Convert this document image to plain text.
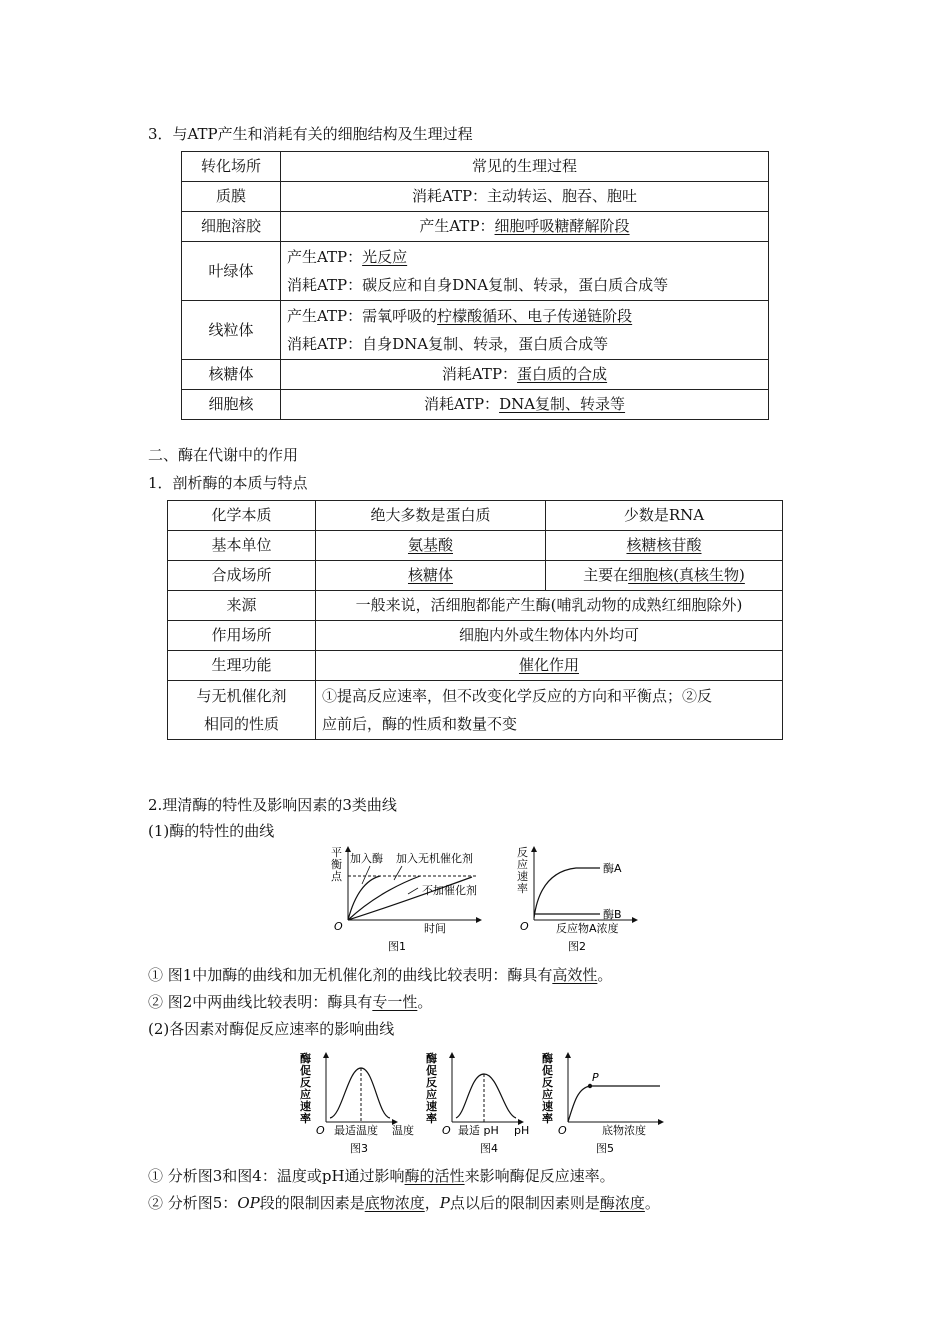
3．与ATP产生和消耗有关的细胞结构及生理过程
转化场所	常见的生理过程
质膜	消耗ATP：主动转运、胞吞、胞吐
细胞溶胶	产生ATP：细胞呼吸糖酵解阶段
叶绿体	产生ATP：光反应
消耗ATP：碳反应和自身DNA复制、转录，蛋白质合成等
线粒体	产生ATP：需氧呼吸的柠檬酸循环、电子传递链阶段
消耗ATP：自身DNA复制、转录，蛋白质合成等
核糖体	消耗ATP：蛋白质的合成
细胞核	消耗ATP：DNA复制、转录等
二、酶在代谢中的作用
1．剖析酶的本质与特点
化学本质	绝大多数是蛋白质	少数是RNA
基本单位	氨基酸	核糖核苷酸
合成场所	核糖体	主要在细胞核(真核生物)
来源	一般来说，活细胞都能产生酶(哺乳动物的成熟红细胞除外)	
作用场所	细胞内外或生物体内外均可	
生理功能	催化作用	
与无机催化剂
相同的性质	①提高反应速率，但不改变化学反应的方向和平衡点；②反
应前后，酶的性质和数量不变	
2.理清酶的特性及影响因素的3类曲线
(1)酶的特性的曲线
平
衡
点
加入酶 加入无机催化剂
不加催化剂
O	时间
图1
反
应
速
率
酶A
酶B
O 反应物A浓度
图2
① 图1中加酶的曲线和加无机催化剂的曲线比较表明：酶具有高效性。
② 图2中两曲线比较表明：酶具有专一性。
(2)各因素对酶促反应速率的影响曲线
酶
促
反
应
速
率
O 最适温度 温度
图3
酶
促
反
应
速
率
O 最适 pH pH
图4
酶
促
反
应
速
率
P
O	底物浓度
图5
① 分析图3和图4：温度或pH通过影响酶的活性来影响酶促反应速率。
② 分析图5：OP段的限制因素是底物浓度，P点以后的限制因素则是酶浓度。
